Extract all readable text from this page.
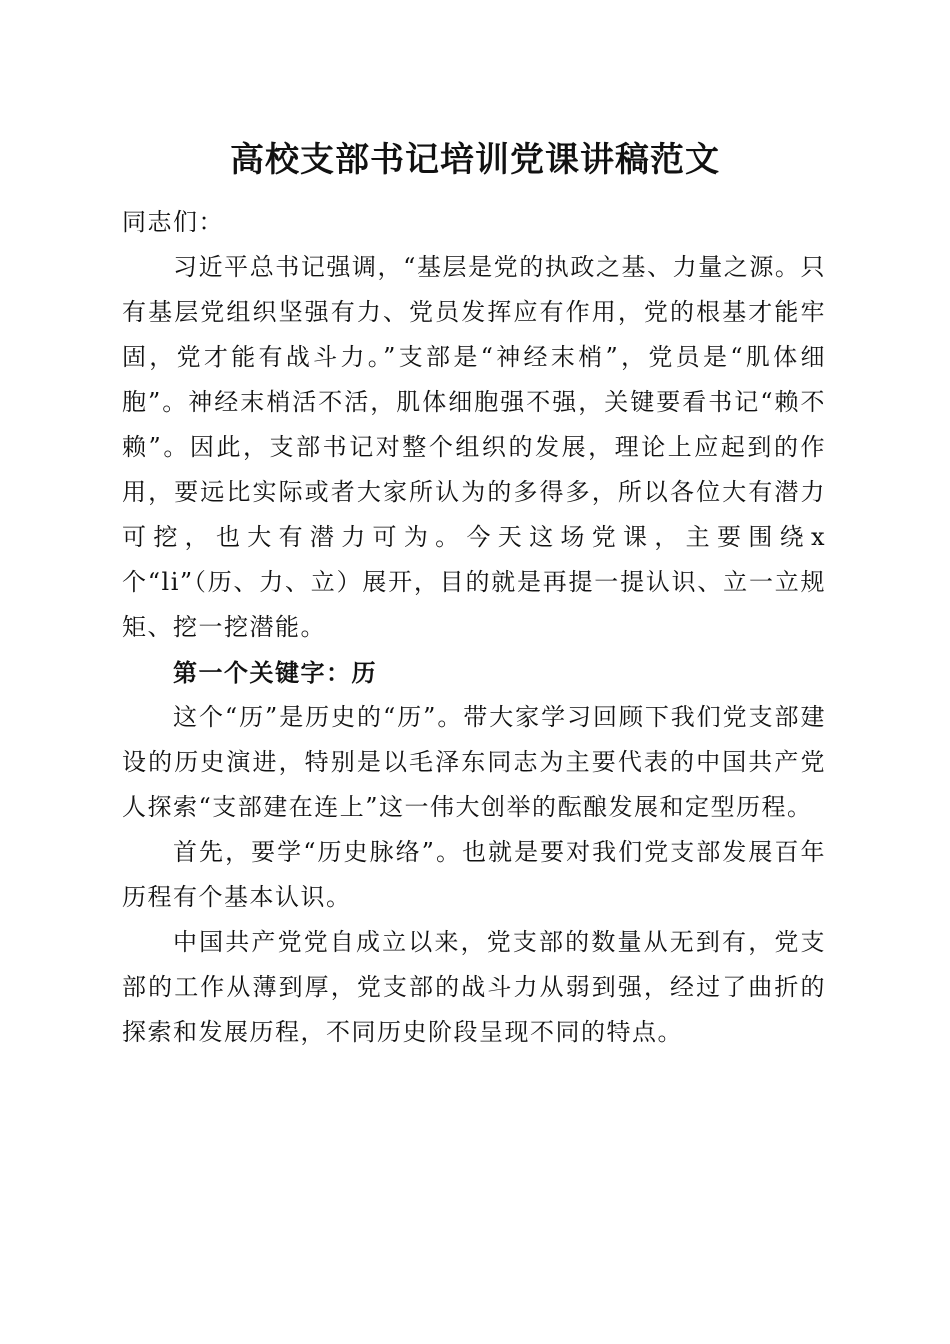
高校支部书记培训党课讲稿范文

同志们：

习近平总书记强调，“基层是党的执政之基、力量之源。只有基层党组织坚强有力、党员发挥应有作用，党的根基才能牢固，党才能有战斗力。”支部是“神经末梢”，党员是“肌体细胞”。神经末梢活不活，肌体细胞强不强，关键要看书记“赖不赖”。因此，支部书记对整个组织的发展，理论上应起到的作用，要远比实际或者大家所认为的多得多，所以各位大有潜力可挖，也大有潜力可为。今天这场党课，主要围绕x个“li”（历、力、立）展开，目的就是再提一提认识、立一立规矩、挖一挖潜能。

第一个关键字：历

这个“历”是历史的“历”。带大家学习回顾下我们党支部建设的历史演进，特别是以毛泽东同志为主要代表的中国共产党人探索“支部建在连上”这一伟大创举的酝酿发展和定型历程。

首先，要学“历史脉络”。也就是要对我们党支部发展百年历程有个基本认识。

中国共产党党自成立以来，党支部的数量从无到有，党支部的工作从薄到厚，党支部的战斗力从弱到强，经过了曲折的探索和发展历程，不同历史阶段呈现不同的特点。
